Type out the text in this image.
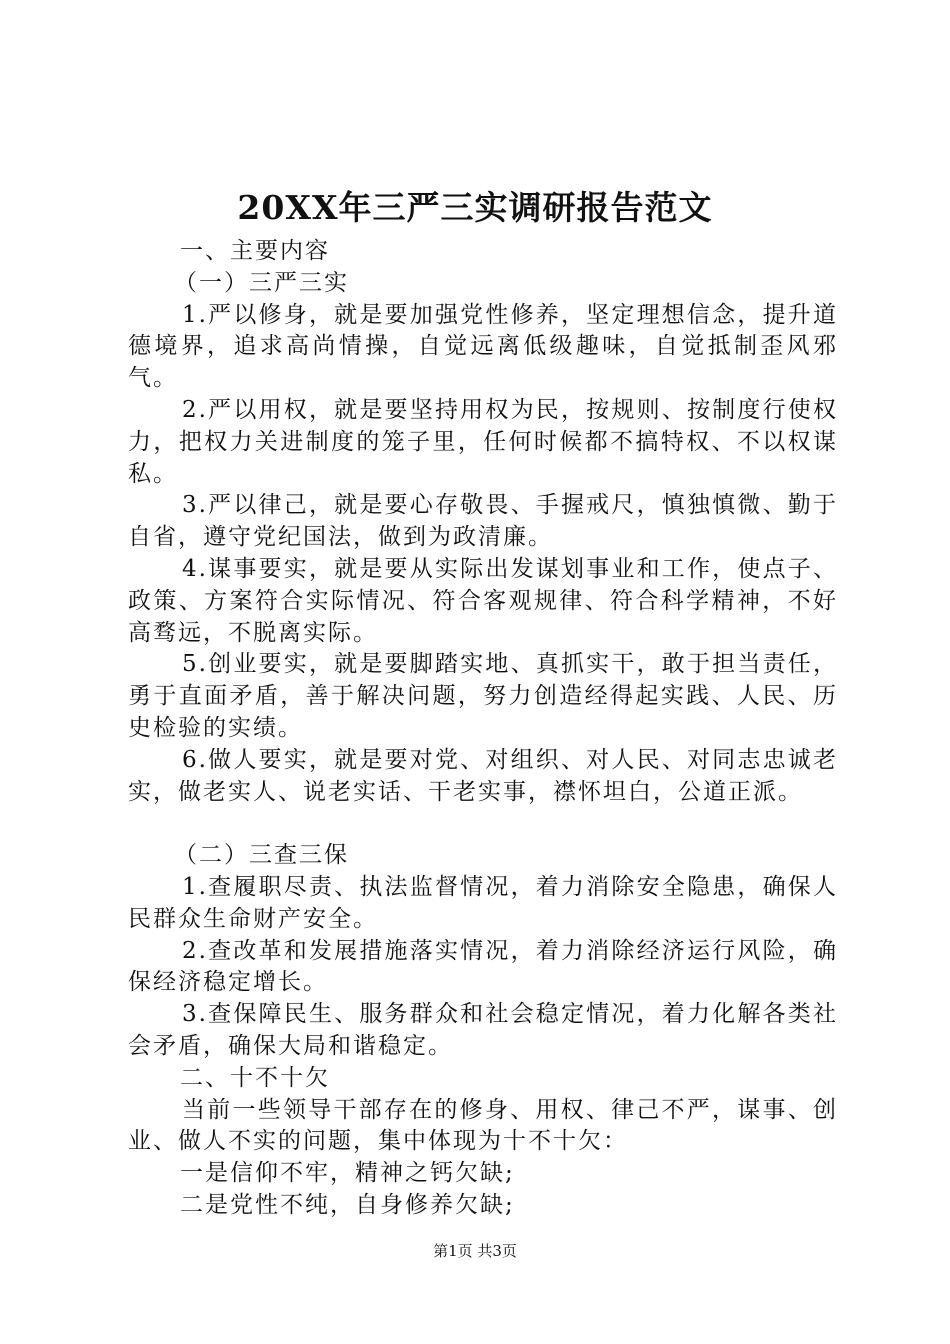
20XX年三严三实调研报告范文

一、主要内容

（一）三严三实

1.严以修身，就是要加强党性修养，坚定理想信念，提升道德境界，追求高尚情操，自觉远离低级趣味，自觉抵制歪风邪气。

2.严以用权，就是要坚持用权为民，按规则、按制度行使权力，把权力关进制度的笼子里，任何时候都不搞特权、不以权谋私。

3.严以律己，就是要心存敬畏、手握戒尺，慎独慎微、勤于自省，遵守党纪国法，做到为政清廉。

4.谋事要实，就是要从实际出发谋划事业和工作，使点子、政策、方案符合实际情况、符合客观规律、符合科学精神，不好高骛远，不脱离实际。

5.创业要实，就是要脚踏实地、真抓实干，敢于担当责任，勇于直面矛盾，善于解决问题，努力创造经得起实践、人民、历史检验的实绩。

6.做人要实，就是要对党、对组织、对人民、对同志忠诚老实，做老实人、说老实话、干老实事，襟怀坦白，公道正派。

（二）三查三保

1.查履职尽责、执法监督情况，着力消除安全隐患，确保人民群众生命财产安全。

2.查改革和发展措施落实情况，着力消除经济运行风险，确保经济稳定增长。

3.查保障民生、服务群众和社会稳定情况，着力化解各类社会矛盾，确保大局和谐稳定。

二、十不十欠

当前一些领导干部存在的修身、用权、律己不严，谋事、创业、做人不实的问题，集中体现为十不十欠：

一是信仰不牢，精神之钙欠缺;

二是党性不纯，自身修养欠缺;

第1页 共3页
